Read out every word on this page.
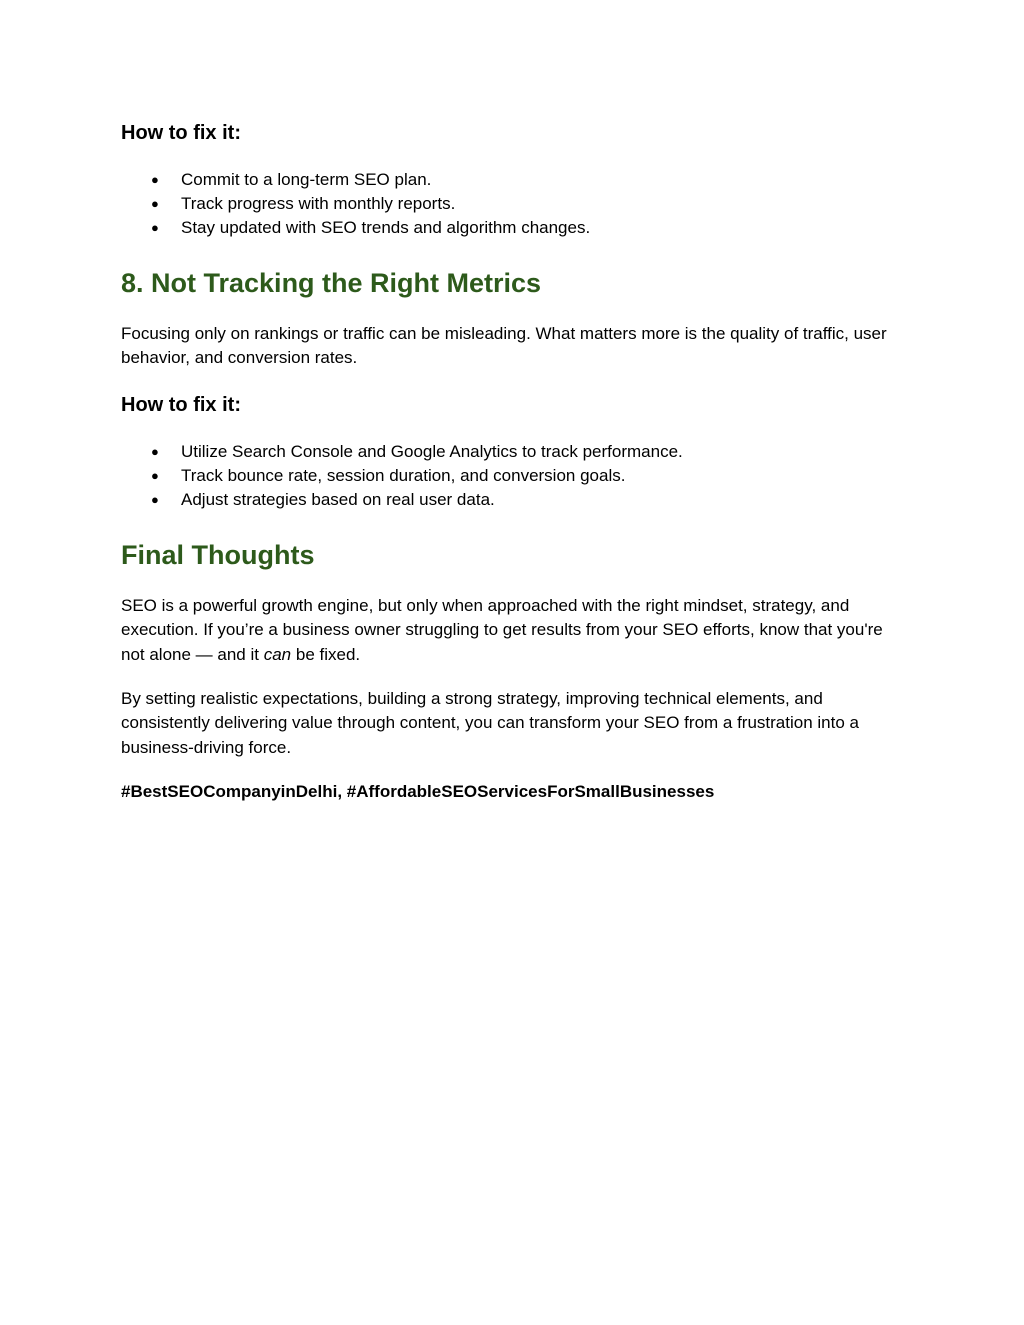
How to fix it:
● Commit to a long-term SEO plan.
● Track progress with monthly reports.
● Stay updated with SEO trends and algorithm changes.
8. Not Tracking the Right Metrics

Focusing only on rankings or traffic can be misleading. What matters more is the quality of traffic, user behavior, and conversion rates.

How to fix it:
● Utilize Search Console and Google Analytics to track performance.
● Track bounce rate, session duration, and conversion goals.
● Adjust strategies based on real user data.
Final Thoughts

SEO is a powerful growth engine, but only when approached with the right mindset, strategy, and execution. If you’re a business owner struggling to get results from your SEO efforts, know that you're not alone — and it can be fixed.

By setting realistic expectations, building a strong strategy, improving technical elements, and consistently delivering value through content, you can transform your SEO from a frustration into a business-driving force.

#BestSEOCompanyinDelhi, #AffordableSEOServicesForSmallBusinesses
